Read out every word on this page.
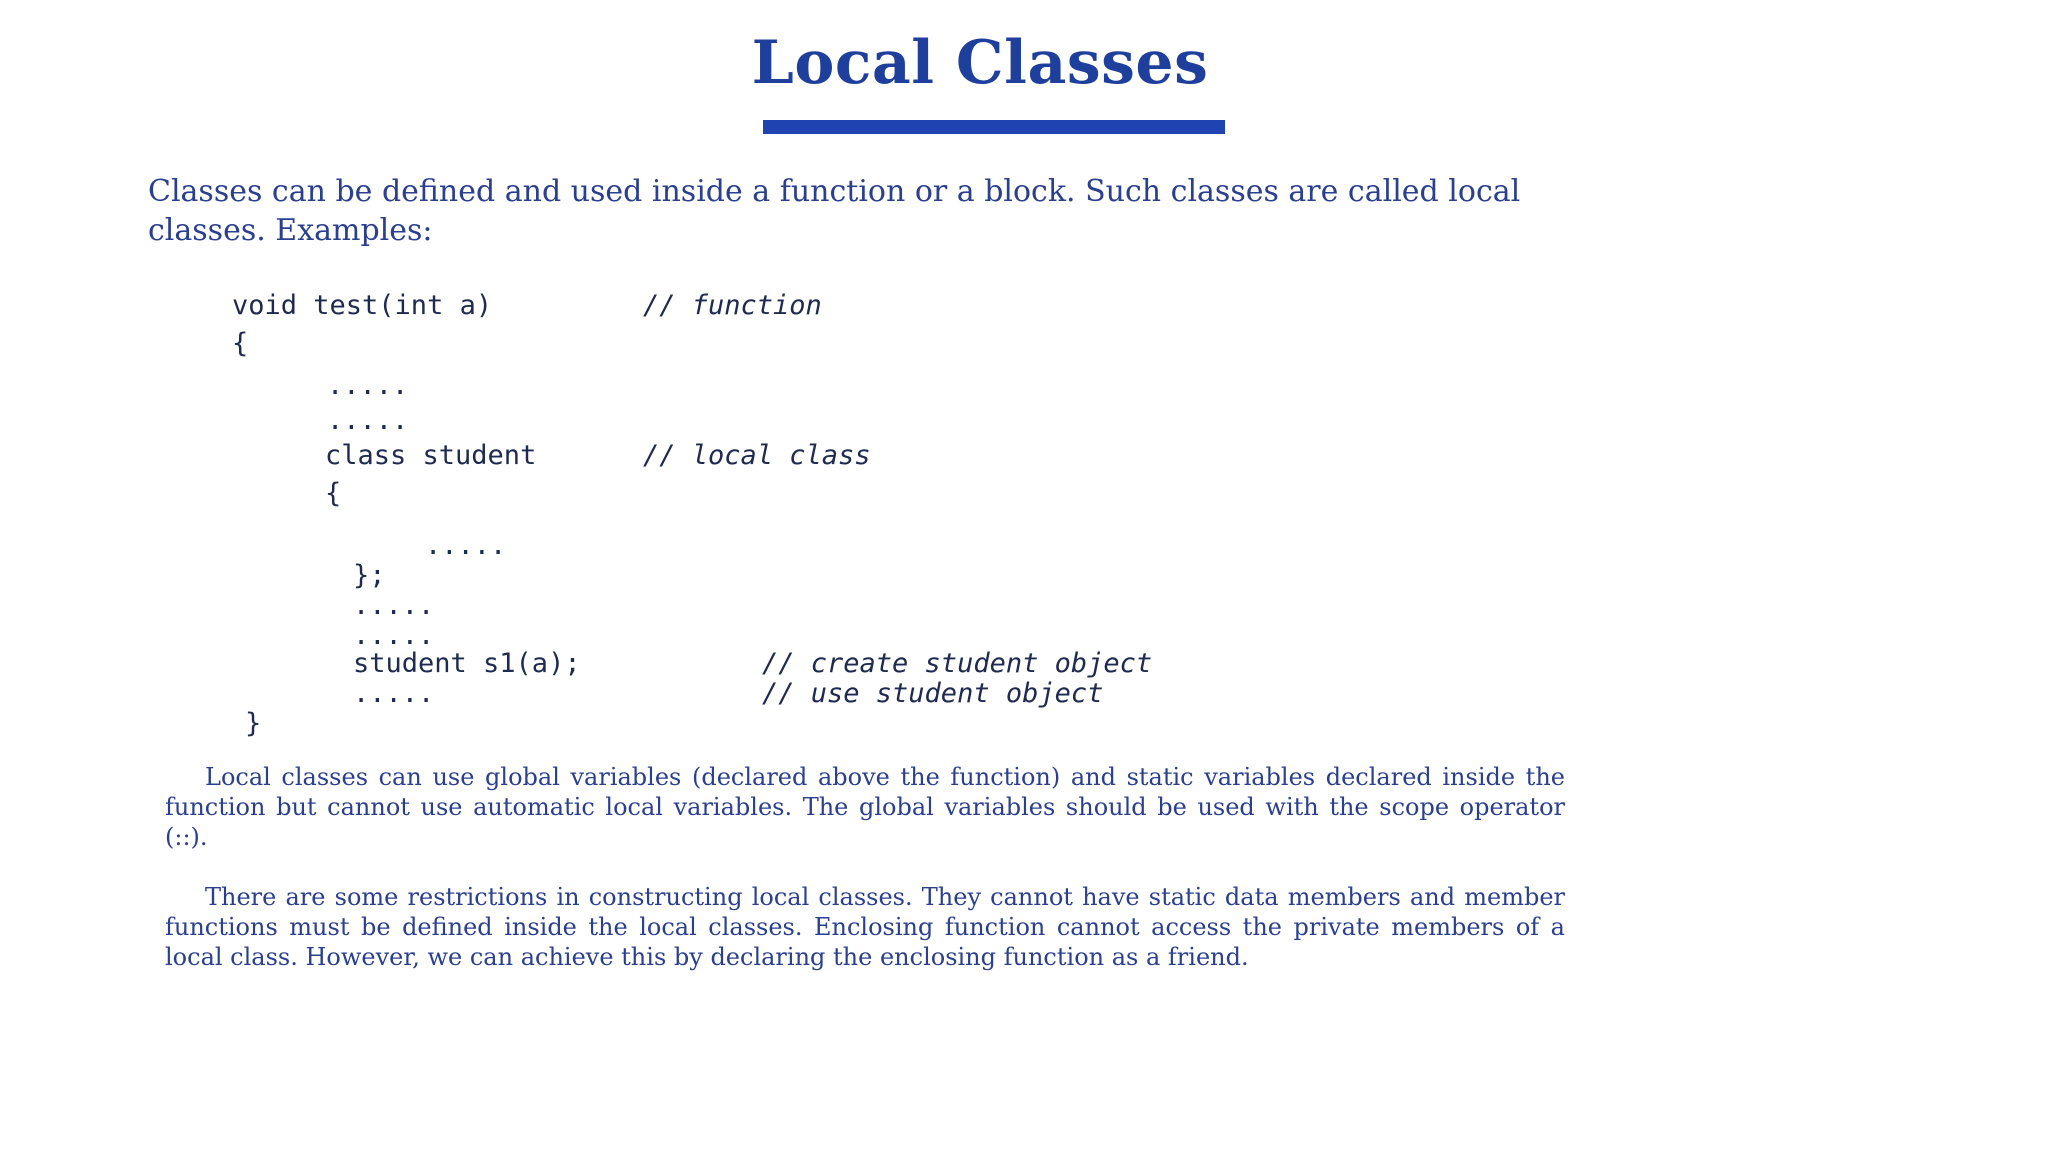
Local Classes
Classes can be defined and used inside a function or a block. Such classes are called local classes. Examples:
void test(int a)	// function
{
.....
.....
class student	// local class
{
.....
};
.....
.....
student s1(a);	// create student object
.....	// use student object
}
Local classes can use global variables (declared above the function) and static variables declared inside the function but cannot use automatic local variables. The global variables should be used with the scope operator (::).
There are some restrictions in constructing local classes. They cannot have static data members and member functions must be defined inside the local classes. Enclosing function cannot access the private members of a local class. However, we can achieve this by declaring the enclosing function as a friend.
